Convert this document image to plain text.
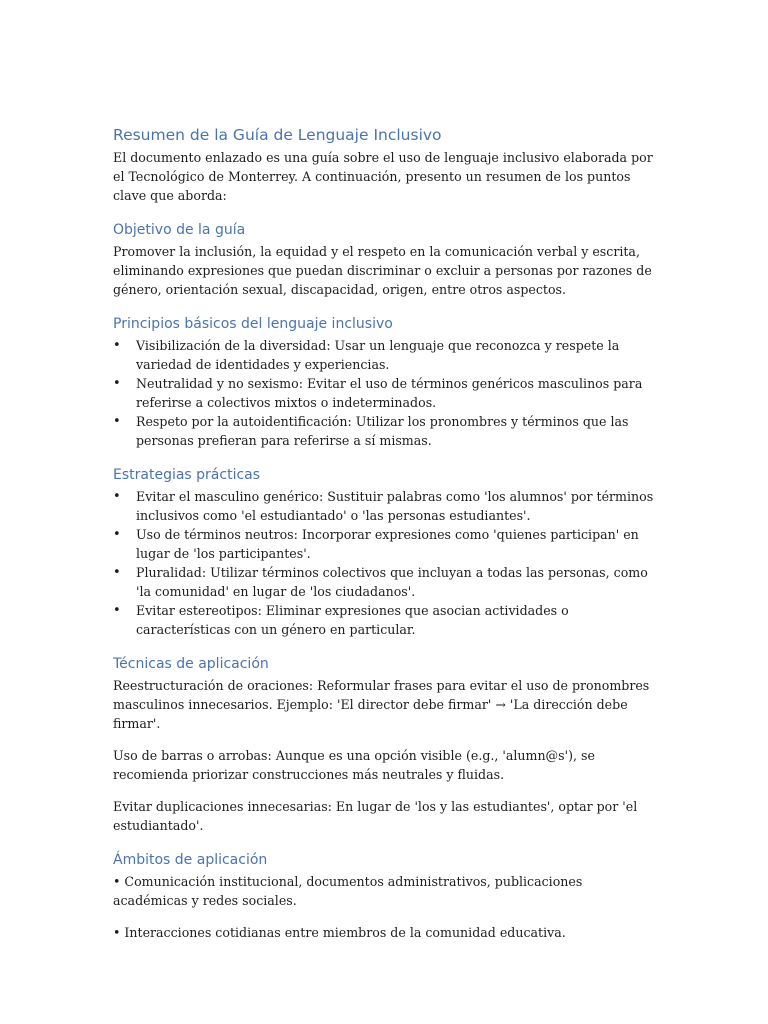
Resumen de la Guía de Lenguaje Inclusivo

El documento enlazado es una guía sobre el uso de lenguaje inclusivo elaborada por el Tecnológico de Monterrey. A continuación, presento un resumen de los puntos clave que aborda:

Objetivo de la guía

Promover la inclusión, la equidad y el respeto en la comunicación verbal y escrita, eliminando expresiones que puedan discriminar o excluir a personas por razones de género, orientación sexual, discapacidad, origen, entre otros aspectos.

Principios básicos del lenguaje inclusivo
• Visibilización de la diversidad: Usar un lenguaje que reconozca y respete la variedad de identidades y experiencias.
• Neutralidad y no sexismo: Evitar el uso de términos genéricos masculinos para referirse a colectivos mixtos o indeterminados.
• Respeto por la autoidentificación: Utilizar los pronombres y términos que las personas prefieran para referirse a sí mismas.
Estrategias prácticas
• Evitar el masculino genérico: Sustituir palabras como 'los alumnos' por términos inclusivos como 'el estudiantado' o 'las personas estudiantes'.
• Uso de términos neutros: Incorporar expresiones como 'quienes participan' en lugar de 'los participantes'.
• Pluralidad: Utilizar términos colectivos que incluyan a todas las personas, como 'la comunidad' en lugar de 'los ciudadanos'.
• Evitar estereotipos: Eliminar expresiones que asocian actividades o características con un género en particular.
Técnicas de aplicación

Reestructuración de oraciones: Reformular frases para evitar el uso de pronombres masculinos innecesarios. Ejemplo: 'El director debe firmar' → 'La dirección debe firmar'.

Uso de barras o arrobas: Aunque es una opción visible (e.g., 'alumn@s'), se recomienda priorizar construcciones más neutrales y fluidas.

Evitar duplicaciones innecesarias: En lugar de 'los y las estudiantes', optar por 'el estudiantado'.

Ámbitos de aplicación

• Comunicación institucional, documentos administrativos, publicaciones académicas y redes sociales.

• Interacciones cotidianas entre miembros de la comunidad educativa.
